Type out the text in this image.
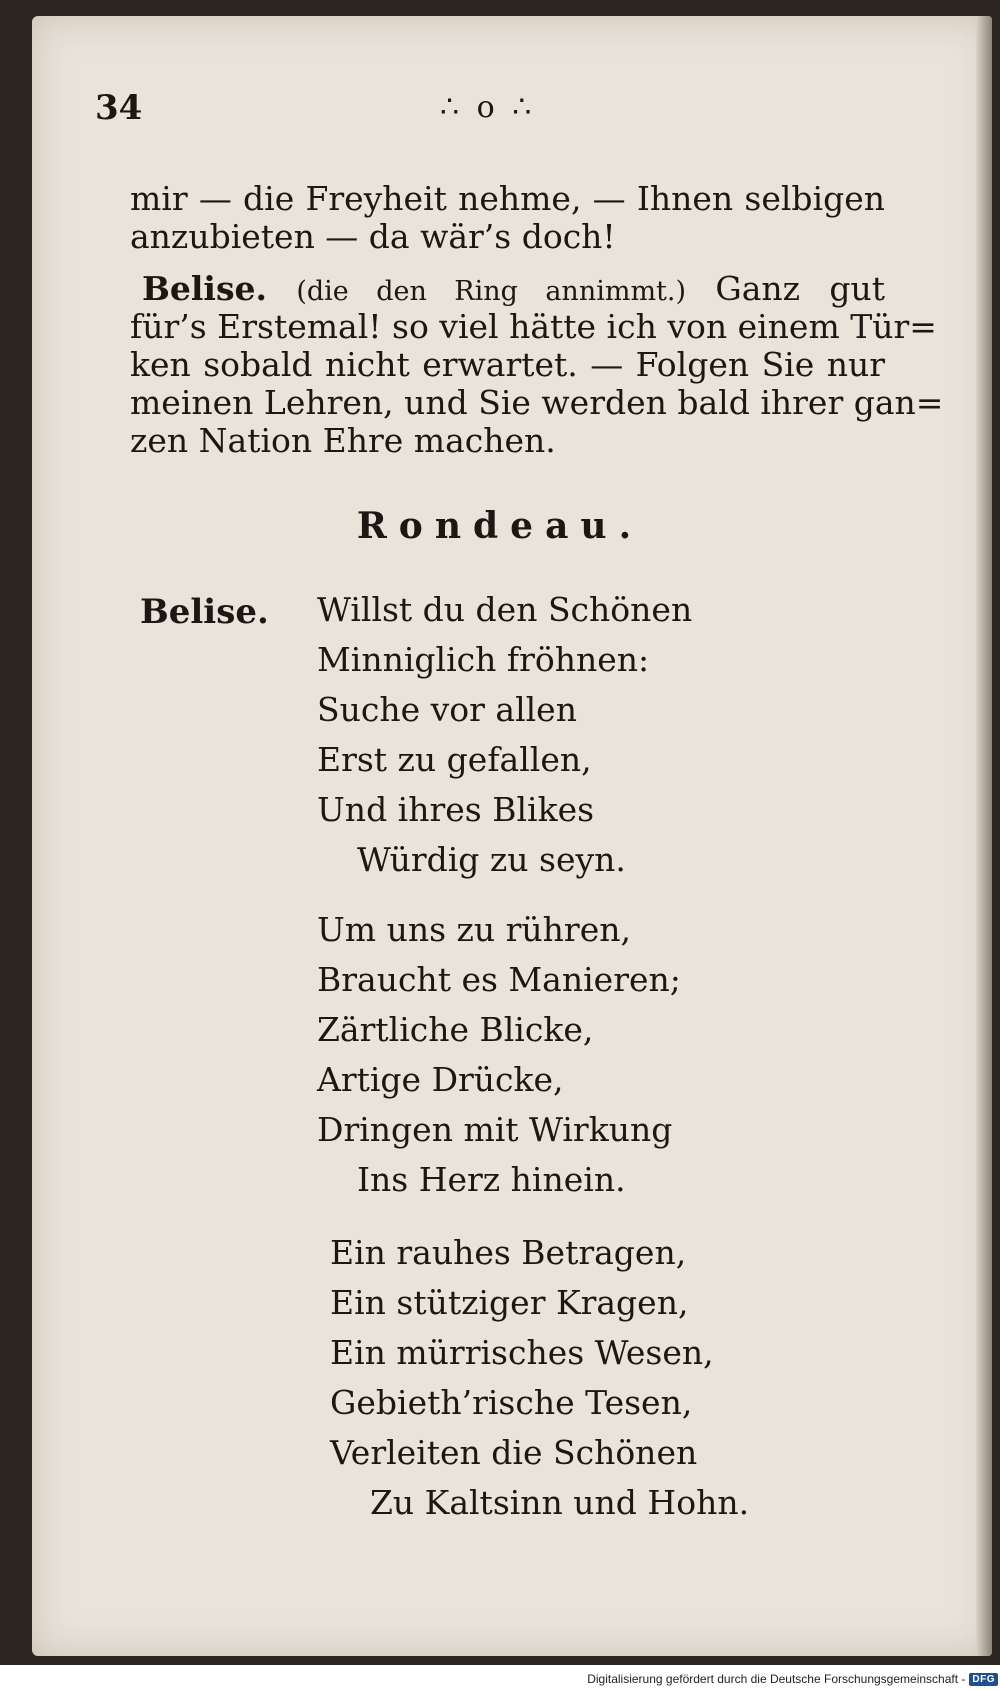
34	∴ o ∴
mir — die Freyheit nehme, — Ihnen selbigen
anzubieten — da wär’s doch!
Belise. (die den Ring annimmt.) Ganz gut
für’s Erstemal! so viel hätte ich von einem Tür=
ken sobald nicht erwartet. — Folgen Sie nur
meinen Lehren, und Sie werden bald ihrer gan=
zen Nation Ehre machen.
Rondeau.
Belise. Willst du den Schönen
Minniglich fröhnen:
Suche vor allen
Erst zu gefallen,
Und ihres Blikes
Würdig zu seyn.
Um uns zu rühren,
Braucht es Manieren;
Zärtliche Blicke,
Artige Drücke,
Dringen mit Wirkung
Ins Herz hinein.
Ein rauhes Betragen,
Ein stütziger Kragen,
Ein mürrisches Wesen,
Gebieth’rische Tesen,
Verleiten die Schönen
Zu Kaltsinn und Hohn.
Digitalisierung gefördert durch die Deutsche Forschungsgemeinschaft - DFG
